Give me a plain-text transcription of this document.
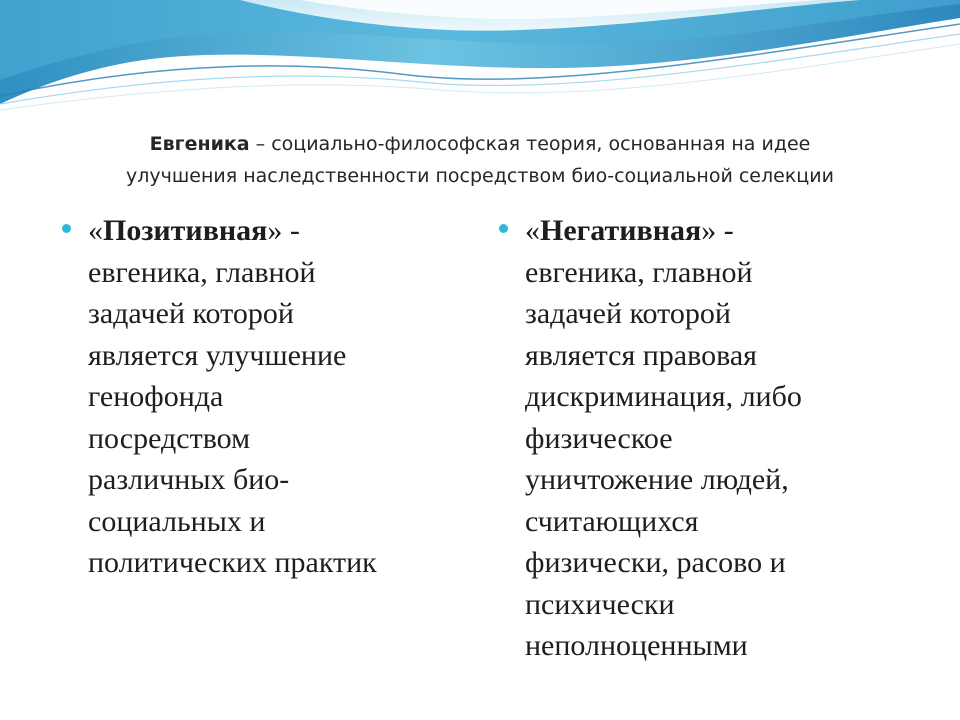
Евгеника – социально-философская теория, основанная на идее
улучшения наследственности посредством био-социальной селекции
«Позитивная» -
евгеника, главной
задачей которой
является улучшение
генофонда
посредством
различных био-
социальных и
политических практик
«Негативная» -
евгеника, главной
задачей которой
является правовая
дискриминация, либо
физическое
уничтожение людей,
считающихся
физически, расово и
психически
неполноценными
